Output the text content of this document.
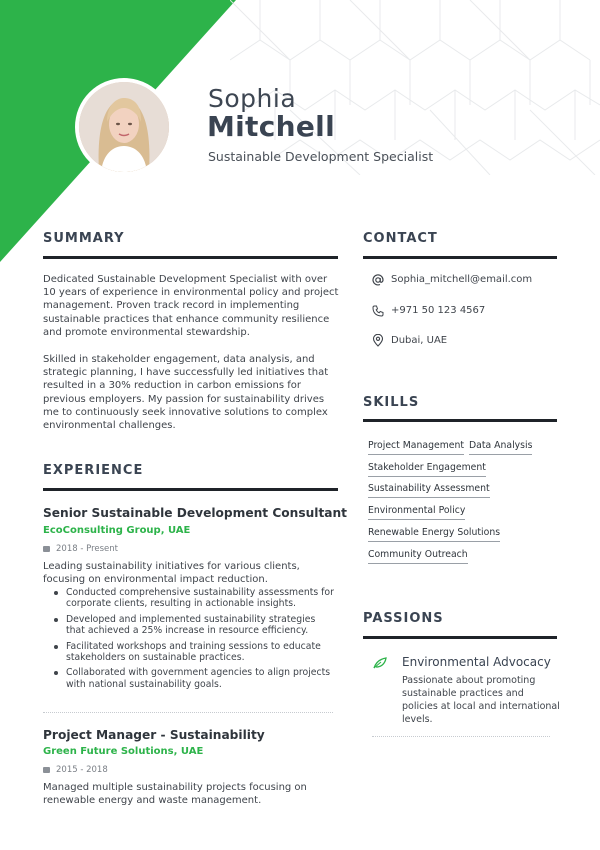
Sophia
Mitchell
Sustainable Development Specialist
SUMMARY
Dedicated Sustainable Development Specialist with over 10 years of experience in environmental policy and project management. Proven track record in implementing sustainable practices that enhance community resilience and promote environmental stewardship.
Skilled in stakeholder engagement, data analysis, and strategic planning, I have successfully led initiatives that resulted in a 30% reduction in carbon emissions for previous employers. My passion for sustainability drives me to continuously seek innovative solutions to complex environmental challenges.
EXPERIENCE
Senior Sustainable Development Consultant
EcoConsulting Group, UAE
2018 - Present
Leading sustainability initiatives for various clients, focusing on environmental impact reduction.
Conducted comprehensive sustainability assessments for corporate clients, resulting in actionable insights.
Developed and implemented sustainability strategies that achieved a 25% increase in resource efficiency.
Facilitated workshops and training sessions to educate stakeholders on sustainable practices.
Collaborated with government agencies to align projects with national sustainability goals.
Project Manager - Sustainability
Green Future Solutions, UAE
2015 - 2018
Managed multiple sustainability projects focusing on renewable energy and waste management.
CONTACT
Sophia_mitchell@email.com
+971 50 123 4567
Dubai, UAE
SKILLS
Project Management Data Analysis
Stakeholder Engagement
Sustainability Assessment
Environmental Policy
Renewable Energy Solutions
Community Outreach
PASSIONS
Environmental Advocacy
Passionate about promoting sustainable practices and policies at local and international levels.
